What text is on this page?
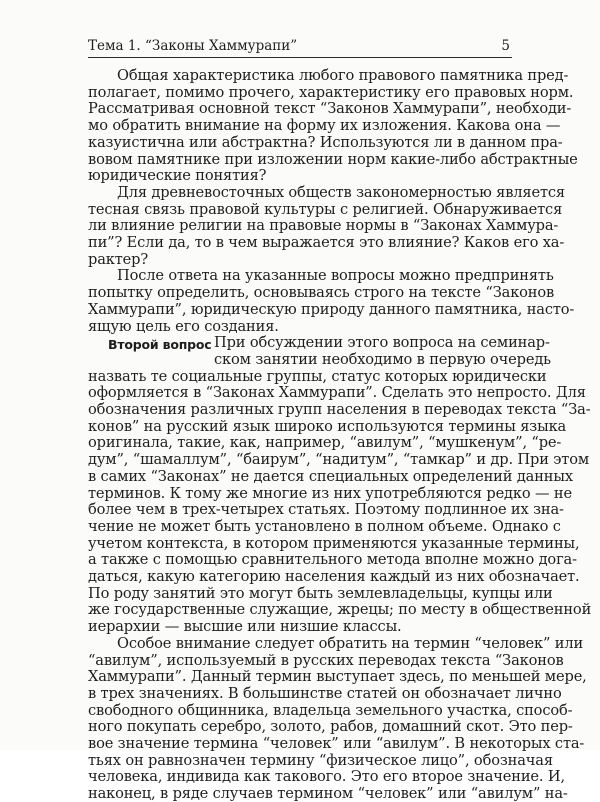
Тема 1. “Законы Хаммурапи”	5
Общая характеристика любого правового памятника пред-
полагает, помимо прочего, характеристику его правовых норм.
Рассматривая основной текст “Законов Хаммурапи”, необходи-
мо обратить внимание на форму их изложения. Какова она —
казуистична или абстрактна? Используются ли в данном пра-
вовом памятнике при изложении норм какие-либо абстрактные
юридические понятия?
Для древневосточных обществ закономерностью является
тесная связь правовой культуры с религией. Обнаруживается
ли влияние религии на правовые нормы в “Законах Хаммура-
пи”? Если да, то в чем выражается это влияние? Каков его ха-
рактер?
После ответа на указанные вопросы можно предпринять
попытку определить, основываясь строго на тексте “Законов
Хаммурапи”, юридическую природу данного памятника, насто-
ящую цель его создания.
Второй вопрос При обсуждении этого вопроса на семинар-
ском занятии необходимо в первую очередь
назвать те социальные группы, статус которых юридически
оформляется в “Законах Хаммурапи”. Сделать это непросто. Для
обозначения различных групп населения в переводах текста “За-
конов” на русский язык широко используются термины языка
оригинала, такие, как, например, “авилум”, “мушкенум”, “ре-
дум”, “шамаллум”, “баирум”, “надитум”, “тамкар” и др. При этом
в самих “Законах” не дается специальных определений данных
терминов. К тому же многие из них употребляются редко — не
более чем в трех-четырех статьях. Поэтому подлинное их зна-
чение не может быть установлено в полном объеме. Однако с
учетом контекста, в котором применяются указанные термины,
а также с помощью сравнительного метода вполне можно дога-
даться, какую категорию населения каждый из них обозначает.
По роду занятий это могут быть землевладельцы, купцы или
же государственные служащие, жрецы; по месту в общественной
иерархии — высшие или низшие классы.
Особое внимание следует обратить на термин “человек” или
“авилум”, используемый в русских переводах текста “Законов
Хаммурапи”. Данный термин выступает здесь, по меньшей мере,
в трех значениях. В большинстве статей он обозначает лично
свободного общинника, владельца земельного участка, способ-
ного покупать серебро, золото, рабов, домашний скот. Это пер-
вое значение термина “человек” или “авилум”. В некоторых ста-
тьях он равнозначен термину “физическое лицо”, обозначая
человека, индивида как такового. Это его второе значение. И,
наконец, в ряде случаев термином “человек” или “авилум” на-
